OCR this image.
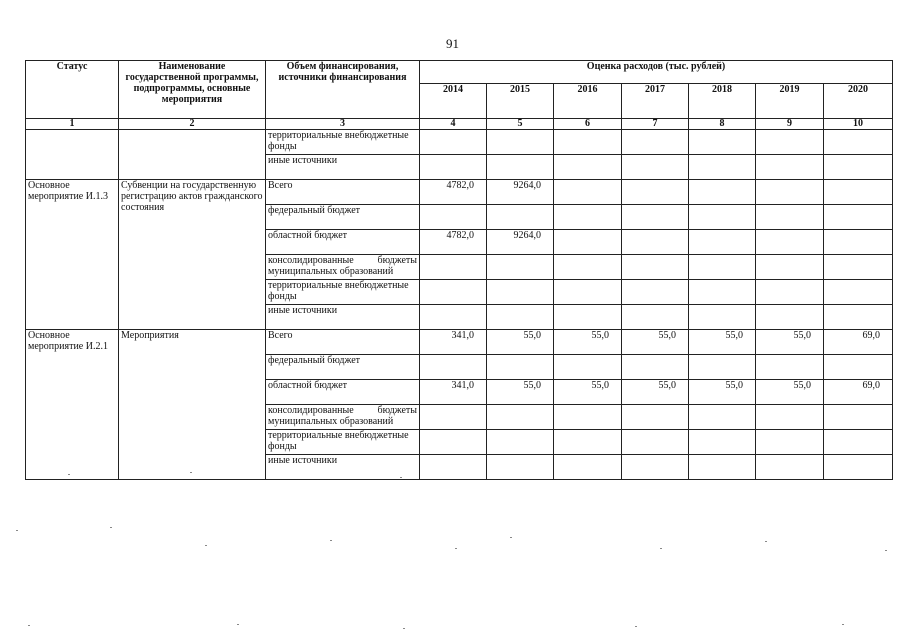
91
Статус	Наименование государственной программы, подпрограммы, основные мероприятия	Объем финансирования, источники финансирования	Оценка расходов (тыс. рублей)						
			2014	2015	2016	2017	2018	2019	2020
1	2	3	4	5	6	7	8	9	10
		территориальные внебюджетные фонды							
		иные источники							
Основное мероприятие И.1.3	Субвенции на государственную регистрацию актов гражданского состояния	Всего	4782,0	9264,0					
		федеральный бюджет							
		областной бюджет	4782,0	9264,0					
		консолидированные бюджеты муниципальных образований							
		территориальные внебюджетные фонды							
		иные источники							
Основное мероприятие И.2.1	Мероприятия	Всего	341,0	55,0	55,0	55,0	55,0	55,0	69,0
		федеральный бюджет							
		областной бюджет	341,0	55,0	55,0	55,0	55,0	55,0	69,0
		консолидированные бюджеты муниципальных образований							
		территориальные внебюджетные фонды							
		иные источники							
